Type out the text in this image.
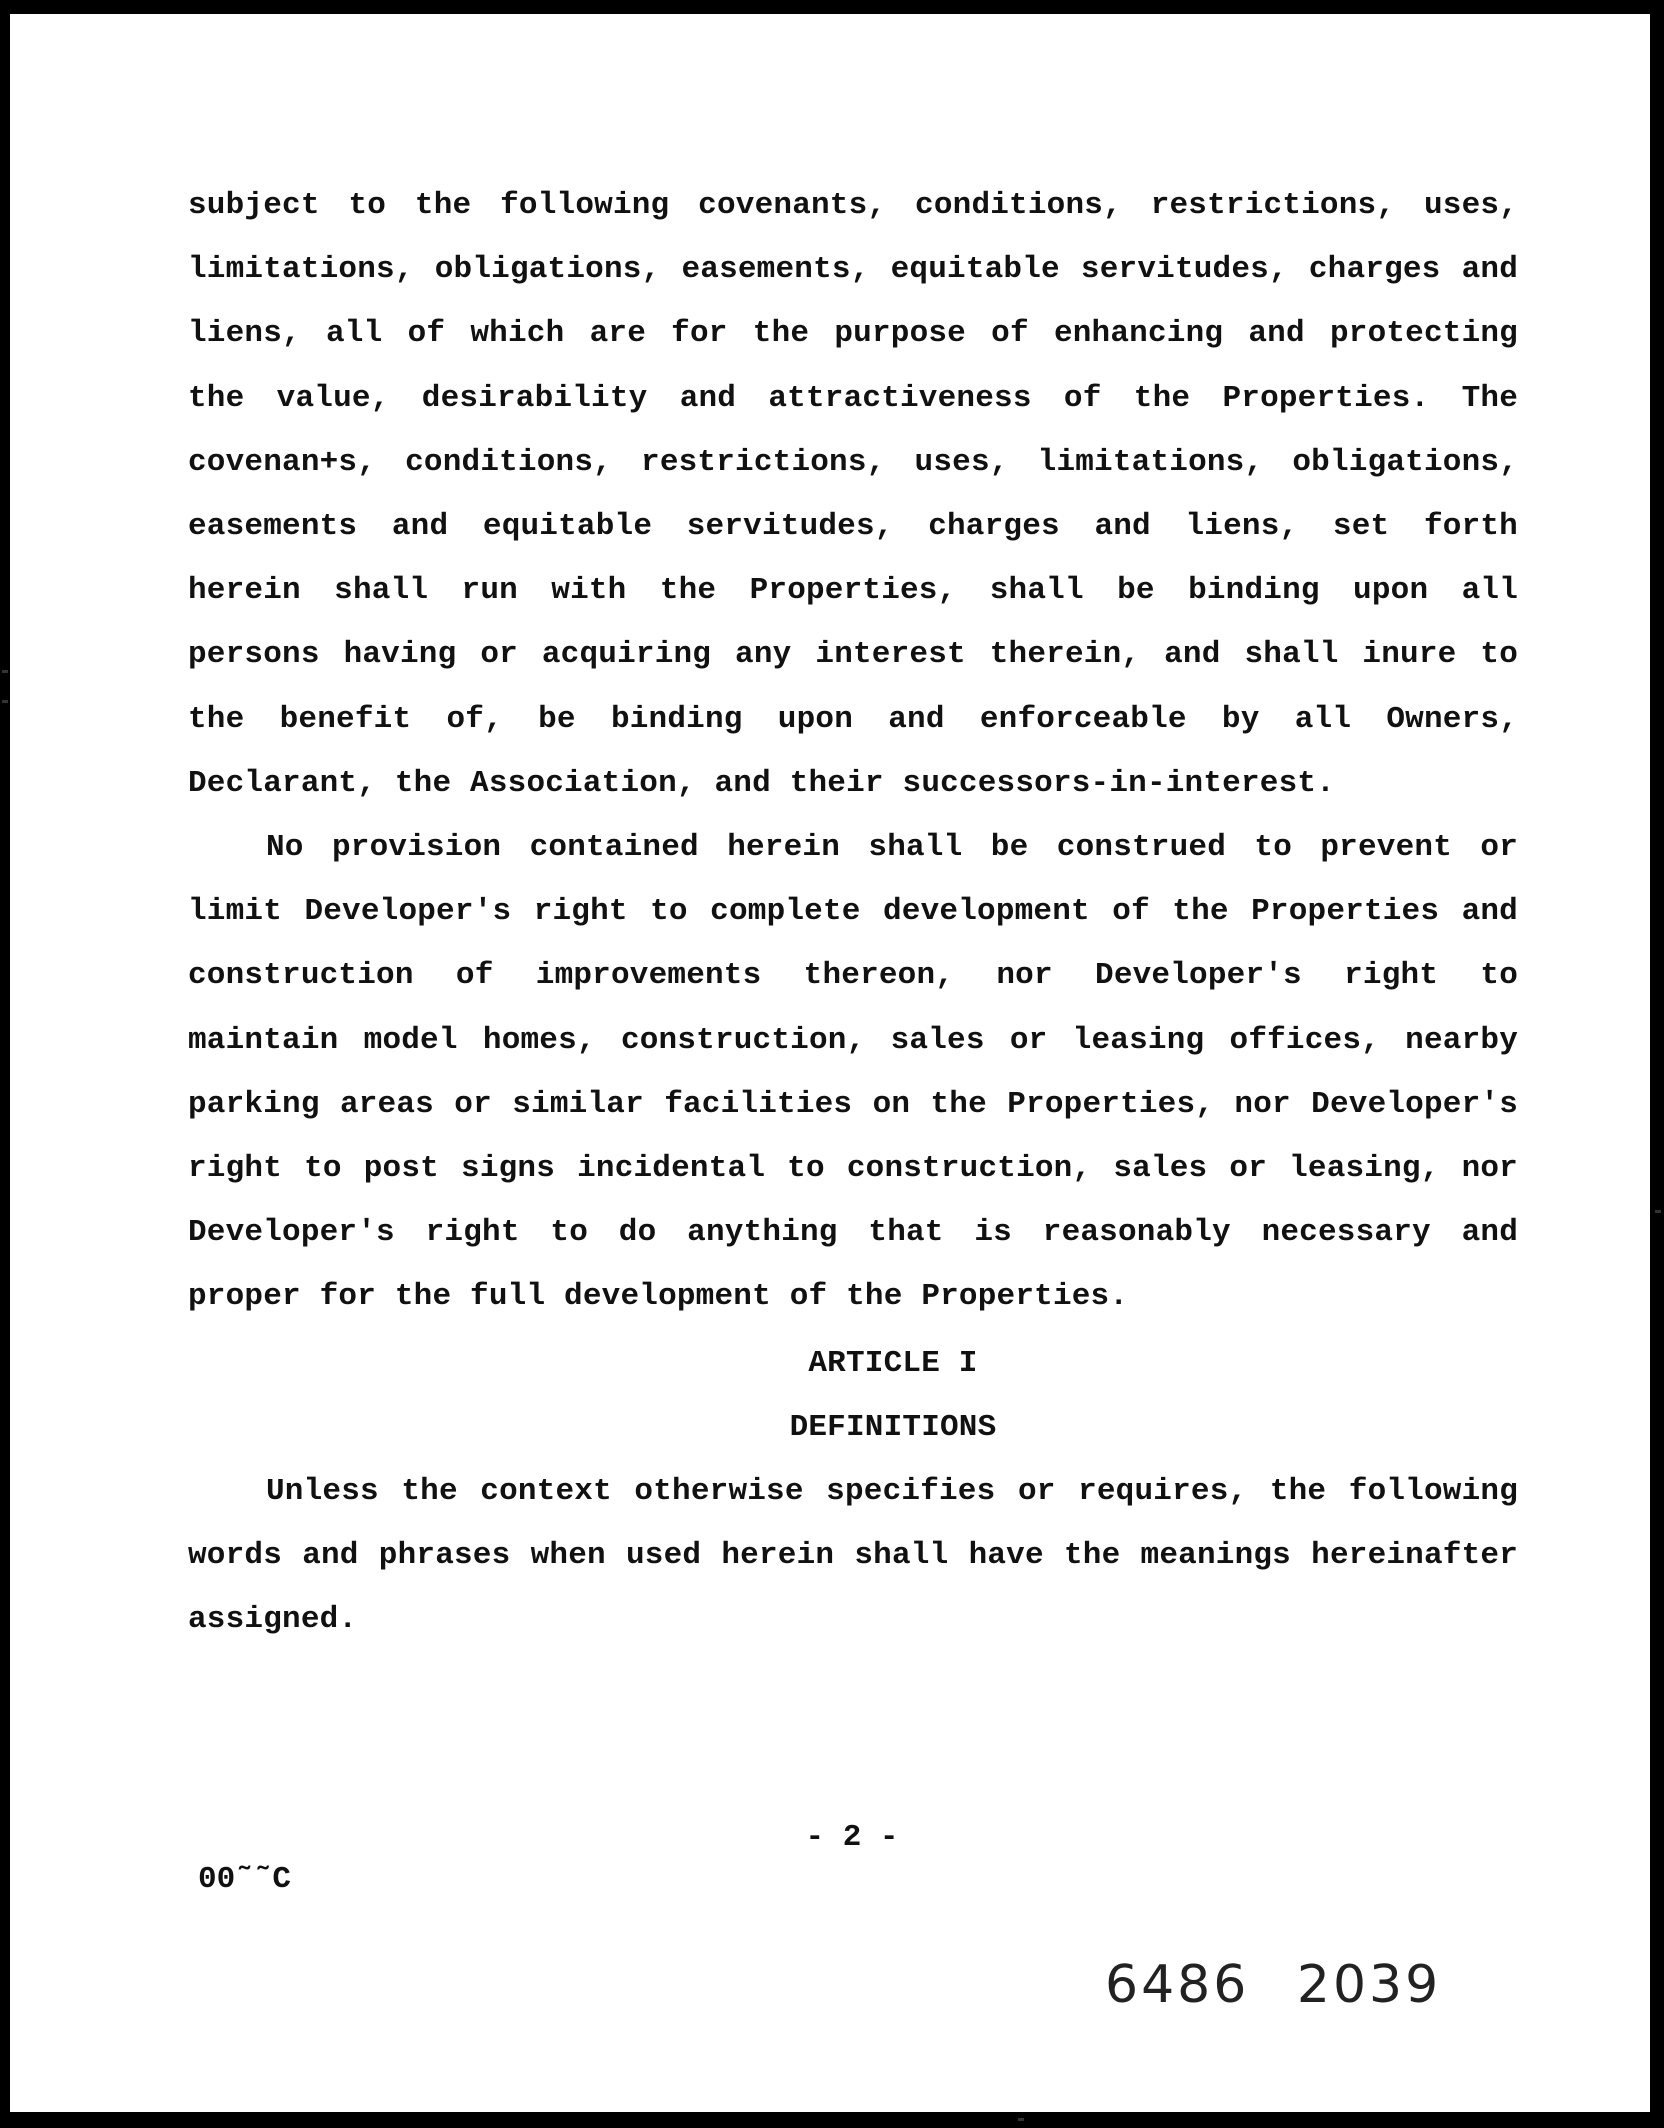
subject to the following covenants, conditions, restrictions, uses, limitations, obligations, easements, equitable servitudes, charges and liens, all of which are for the purpose of enhancing and protecting the value, desirability and attractiveness of the Properties. The covenan+s, conditions, restrictions, uses, limitations, obligations, easements and equitable servitudes, charges and liens, set forth herein shall run with the Properties, shall be binding upon all persons having or acquiring any interest therein, and shall inure to the benefit of, be binding upon and enforceable by all Owners, Declarant, the Association, and their successors-in-interest.

No provision contained herein shall be construed to prevent or limit Developer's right to complete development of the Properties and construction of improvements thereon, nor Developer's right to maintain model homes, construction, sales or leasing offices, nearby parking areas or similar facilities on the Properties, nor Developer's right to post signs incidental to construction, sales or leasing, nor Developer's right to do anything that is reasonably necessary and proper for the full development of the Properties.

ARTICLE I

DEFINITIONS

Unless the context otherwise specifies or requires, the following words and phrases when used herein shall have the meanings hereinafter assigned.

- 2 -
00˜˜C
6486 2039
